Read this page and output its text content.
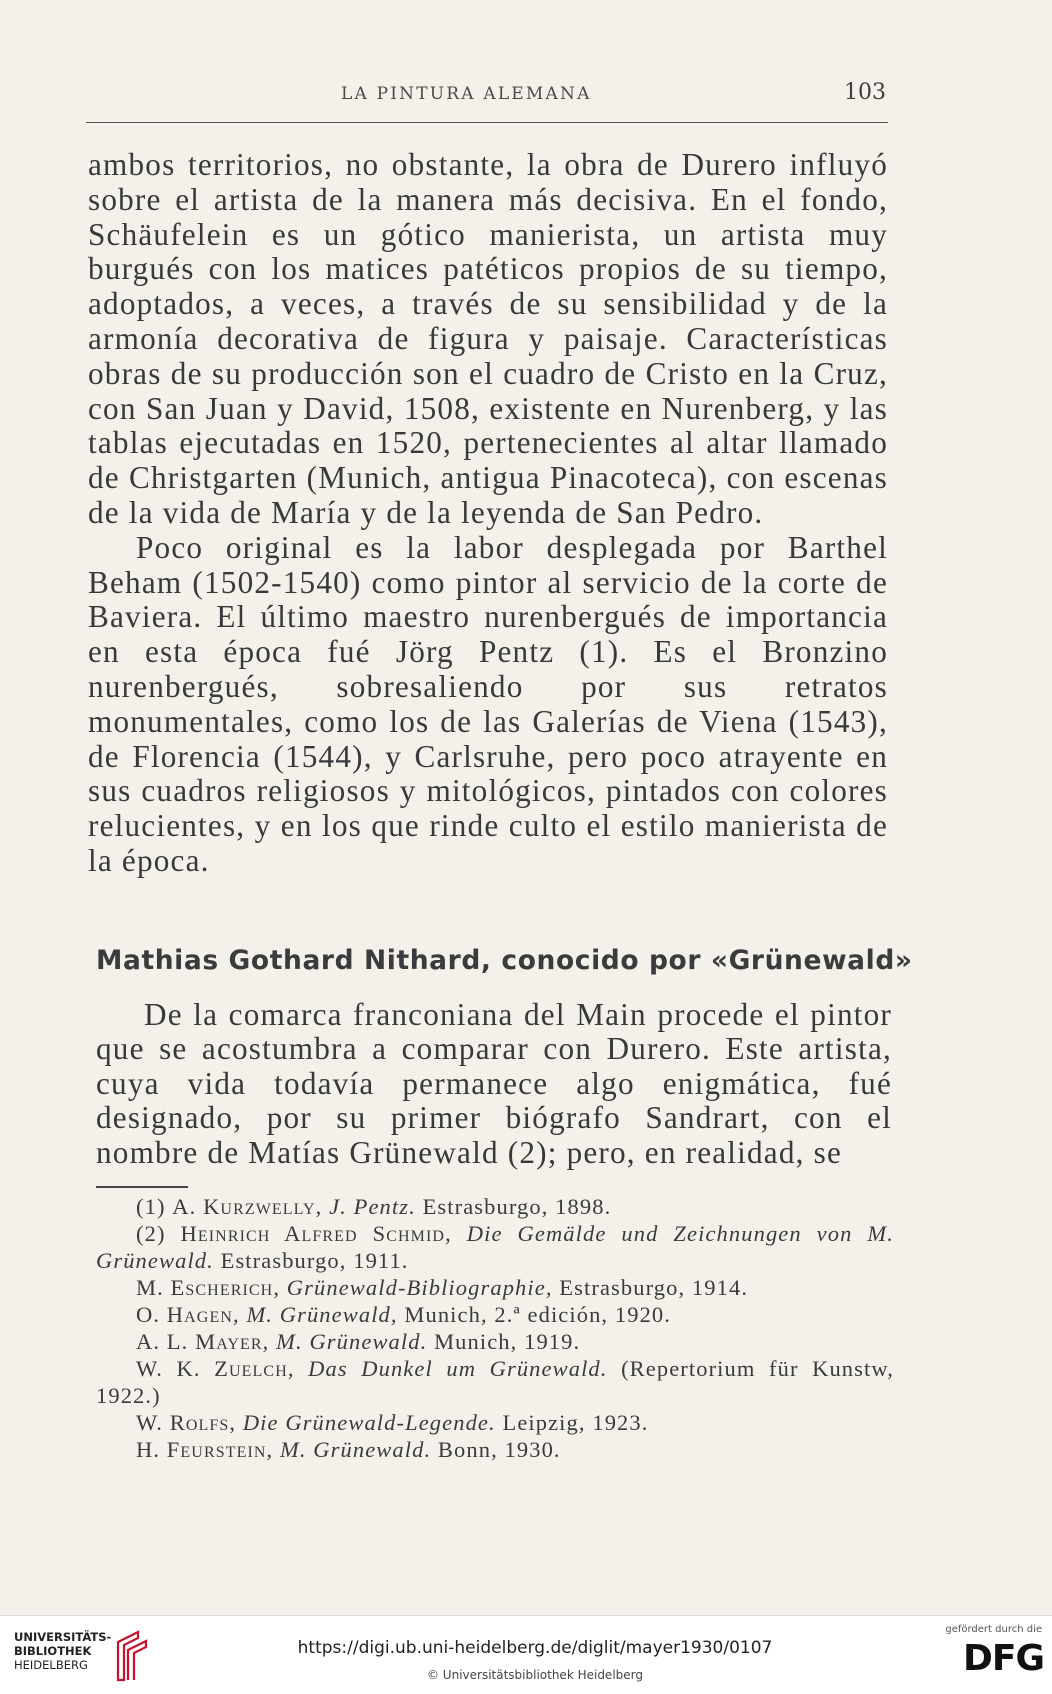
LA PINTURA ALEMANA	103

ambos territorios, no obstante, la obra de Durero influyó sobre el artista de la manera más decisiva. En el fondo, Schäufelein es un gótico manierista, un artista muy burgués con los matices patéticos propios de su tiempo, adoptados, a veces, a través de su sensibilidad y de la armonía decorativa de figura y paisaje. Características obras de su producción son el cuadro de Cristo en la Cruz, con San Juan y David, 1508, existente en Nurenberg, y las tablas ejecutadas en 1520, pertenecientes al altar llamado de Christgarten (Munich, antigua Pinacoteca), con escenas de la vida de María y de la leyenda de San Pedro.

Poco original es la labor desplegada por Barthel Beham (1502-1540) como pintor al servicio de la corte de Baviera. El último maestro nurenbergués de importancia en esta época fué Jörg Pentz (1). Es el Bronzino nurenbergués, sobresaliendo por sus retratos monumentales, como los de las Galerías de Viena (1543), de Florencia (1544), y Carlsruhe, pero poco atrayente en sus cuadros religiosos y mitológicos, pintados con colores relucientes, y en los que rinde culto el estilo manierista de la época.

Mathias Gothard Nithard, conocido por «Grünewald»

De la comarca franconiana del Main procede el pintor que se acostumbra a comparar con Durero. Este artista, cuya vida todavía permanece algo enigmática, fué designado, por su primer biógrafo Sandrart, con el nombre de Matías Grünewald (2); pero, en realidad, se

(1) A. Kurzwelly, J. Pentz. Estrasburgo, 1898.

(2) Heinrich Alfred Schmid, Die Gemälde und Zeichnungen von M. Grünewald. Estrasburgo, 1911.

M. Escherich, Grünewald-Bibliographie, Estrasburgo, 1914.

O. Hagen, M. Grünewald, Munich, 2.ª edición, 1920.

A. L. Mayer, M. Grünewald. Munich, 1919.

W. K. Zuelch, Das Dunkel um Grünewald. (Repertorium für Kunstw, 1922.)

W. Rolfs, Die Grünewald-Legende. Leipzig, 1923.

H. Feurstein, M. Grünewald. Bonn, 1930.

UNIVERSITÄTS-
BIBLIOTHEK
HEIDELBERG
https://digi.ub.uni-heidelberg.de/diglit/mayer1930/0107
© Universitätsbibliothek Heidelberg
gefördert durch die
DFG
